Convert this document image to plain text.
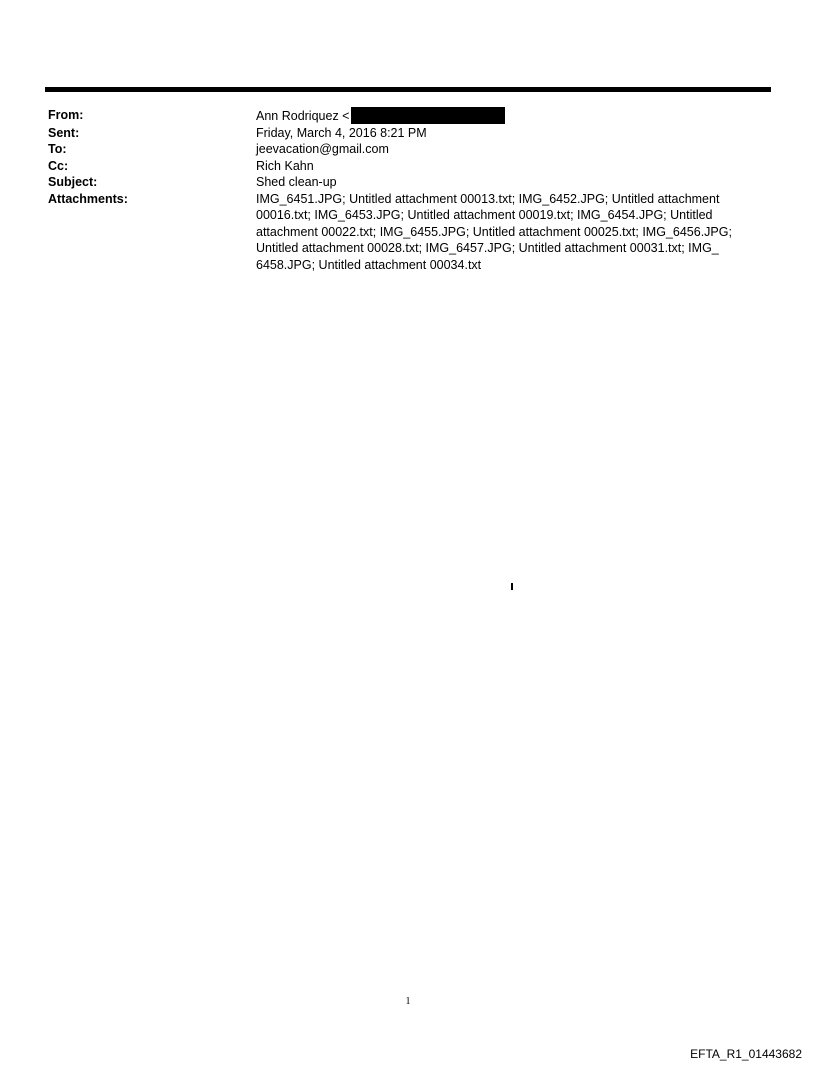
From:	Ann Rodriquez <
Sent:	Friday, March 4, 2016 8:21 PM
To:	jeevacation@gmail.com
Cc:	Rich Kahn
Subject:	Shed clean-up
Attachments:	IMG_6451.JPG; Untitled attachment 00013.txt; IMG_6452.JPG; Untitled attachment 00016.txt; IMG_6453.JPG; Untitled attachment 00019.txt; IMG_6454.JPG; Untitled attachment 00022.txt; IMG_6455.JPG; Untitled attachment 00025.txt; IMG_6456.JPG; Untitled attachment 00028.txt; IMG_6457.JPG; Untitled attachment 00031.txt; IMG_ 6458.JPG; Untitled attachment 00034.txt
1
EFTA_R1_01443682
